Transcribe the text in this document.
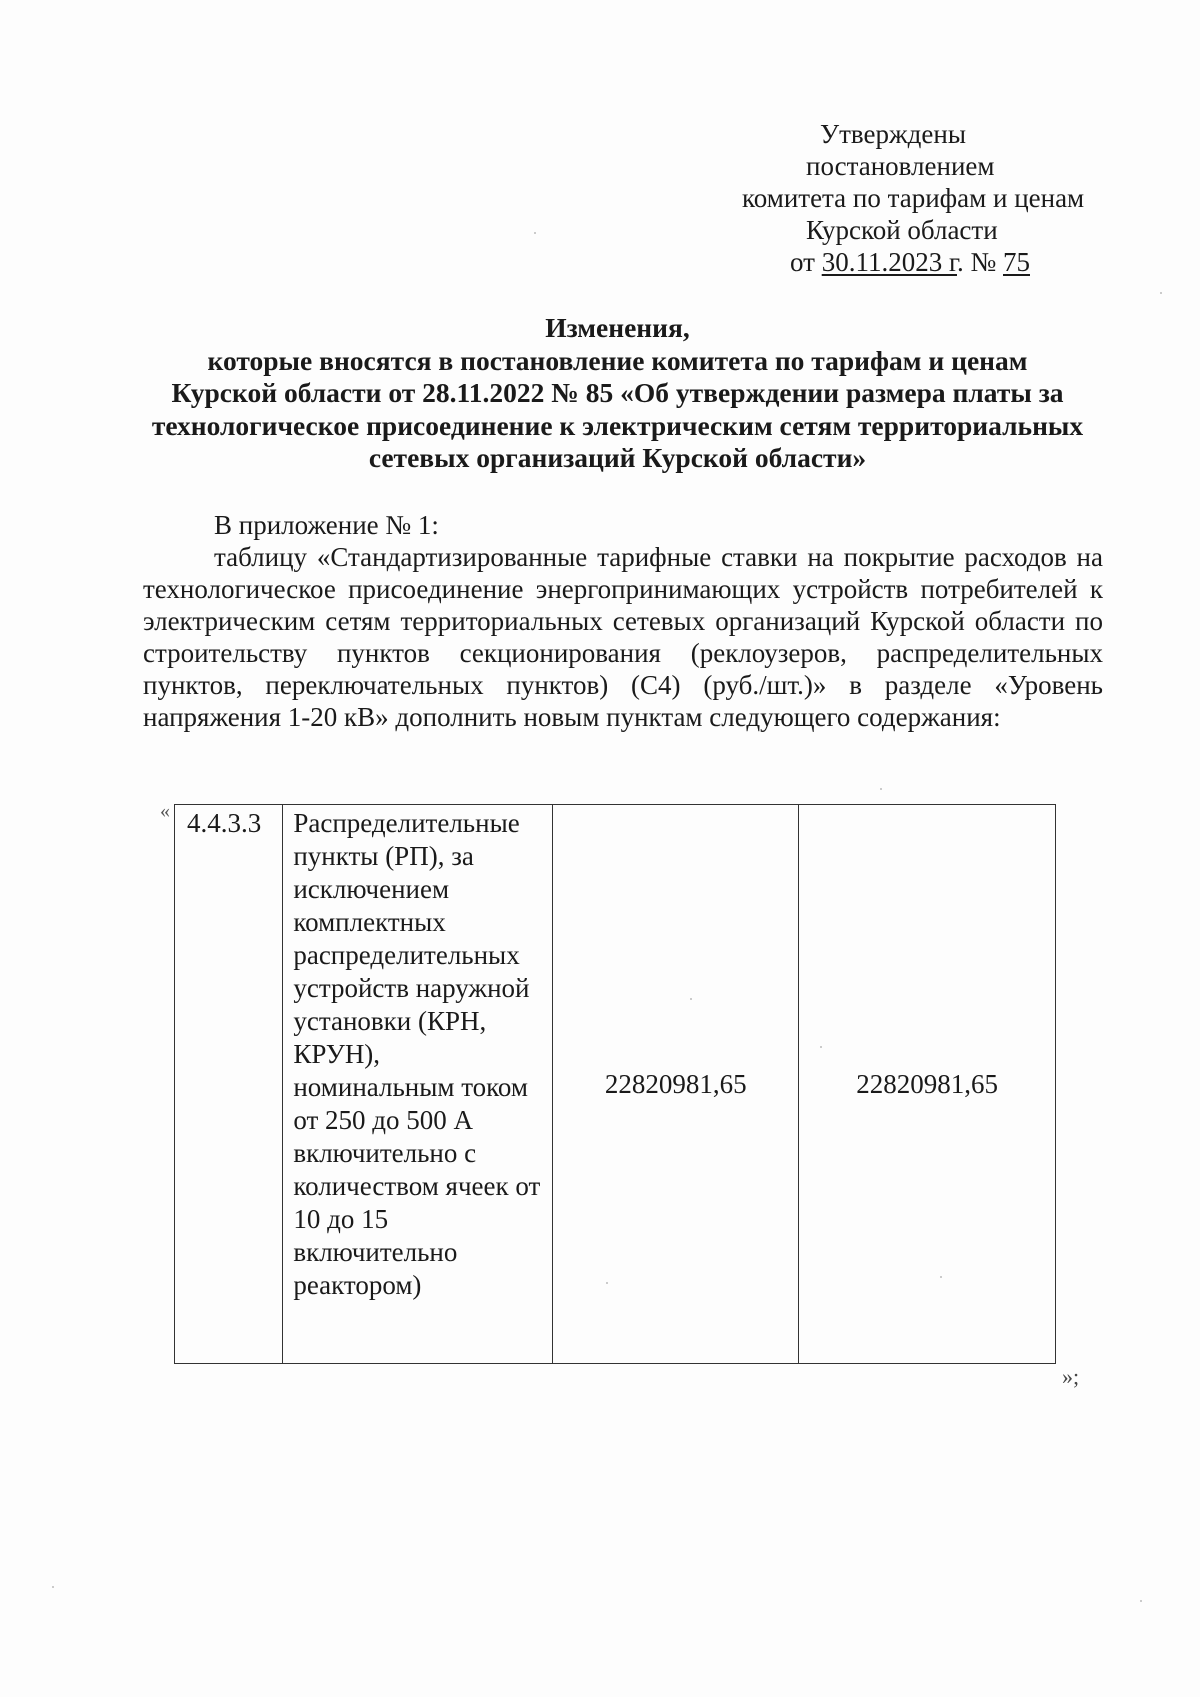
Утверждены
постановлением
комитета по тарифам и ценам
Курской области
от 30.11.2023 г. № 75
Изменения,
которые вносятся в постановление комитета по тарифам и ценам
Курской области от 28.11.2022 № 85 «Об утверждении размера платы за
технологическое присоединение к электрическим сетям территориальных
сетевых организаций Курской области»
В приложение № 1:

таблицу «Стандартизированные тарифные ставки на покрытие расходов на технологическое присоединение энергопринимающих устройств потребителей к электрическим сетям территориальных сетевых организаций Курской области по строительству пунктов секционирования (реклоузеров, распределительных пунктов, переключательных пунктов) (С4) (руб./шт.)» в разделе «Уровень напряжения 1-20 кВ» дополнить новым пунктам следующего содержания:

« 4.4.3.3	Распределительные пункты (РП), за исключением комплектных распределительных устройств наружной установки (КРН, КРУН), номинальным током от 250 до 500 А включительно с количеством ячеек от 10 до 15 включительно реактором)	22820981,65	22820981,65
»;
